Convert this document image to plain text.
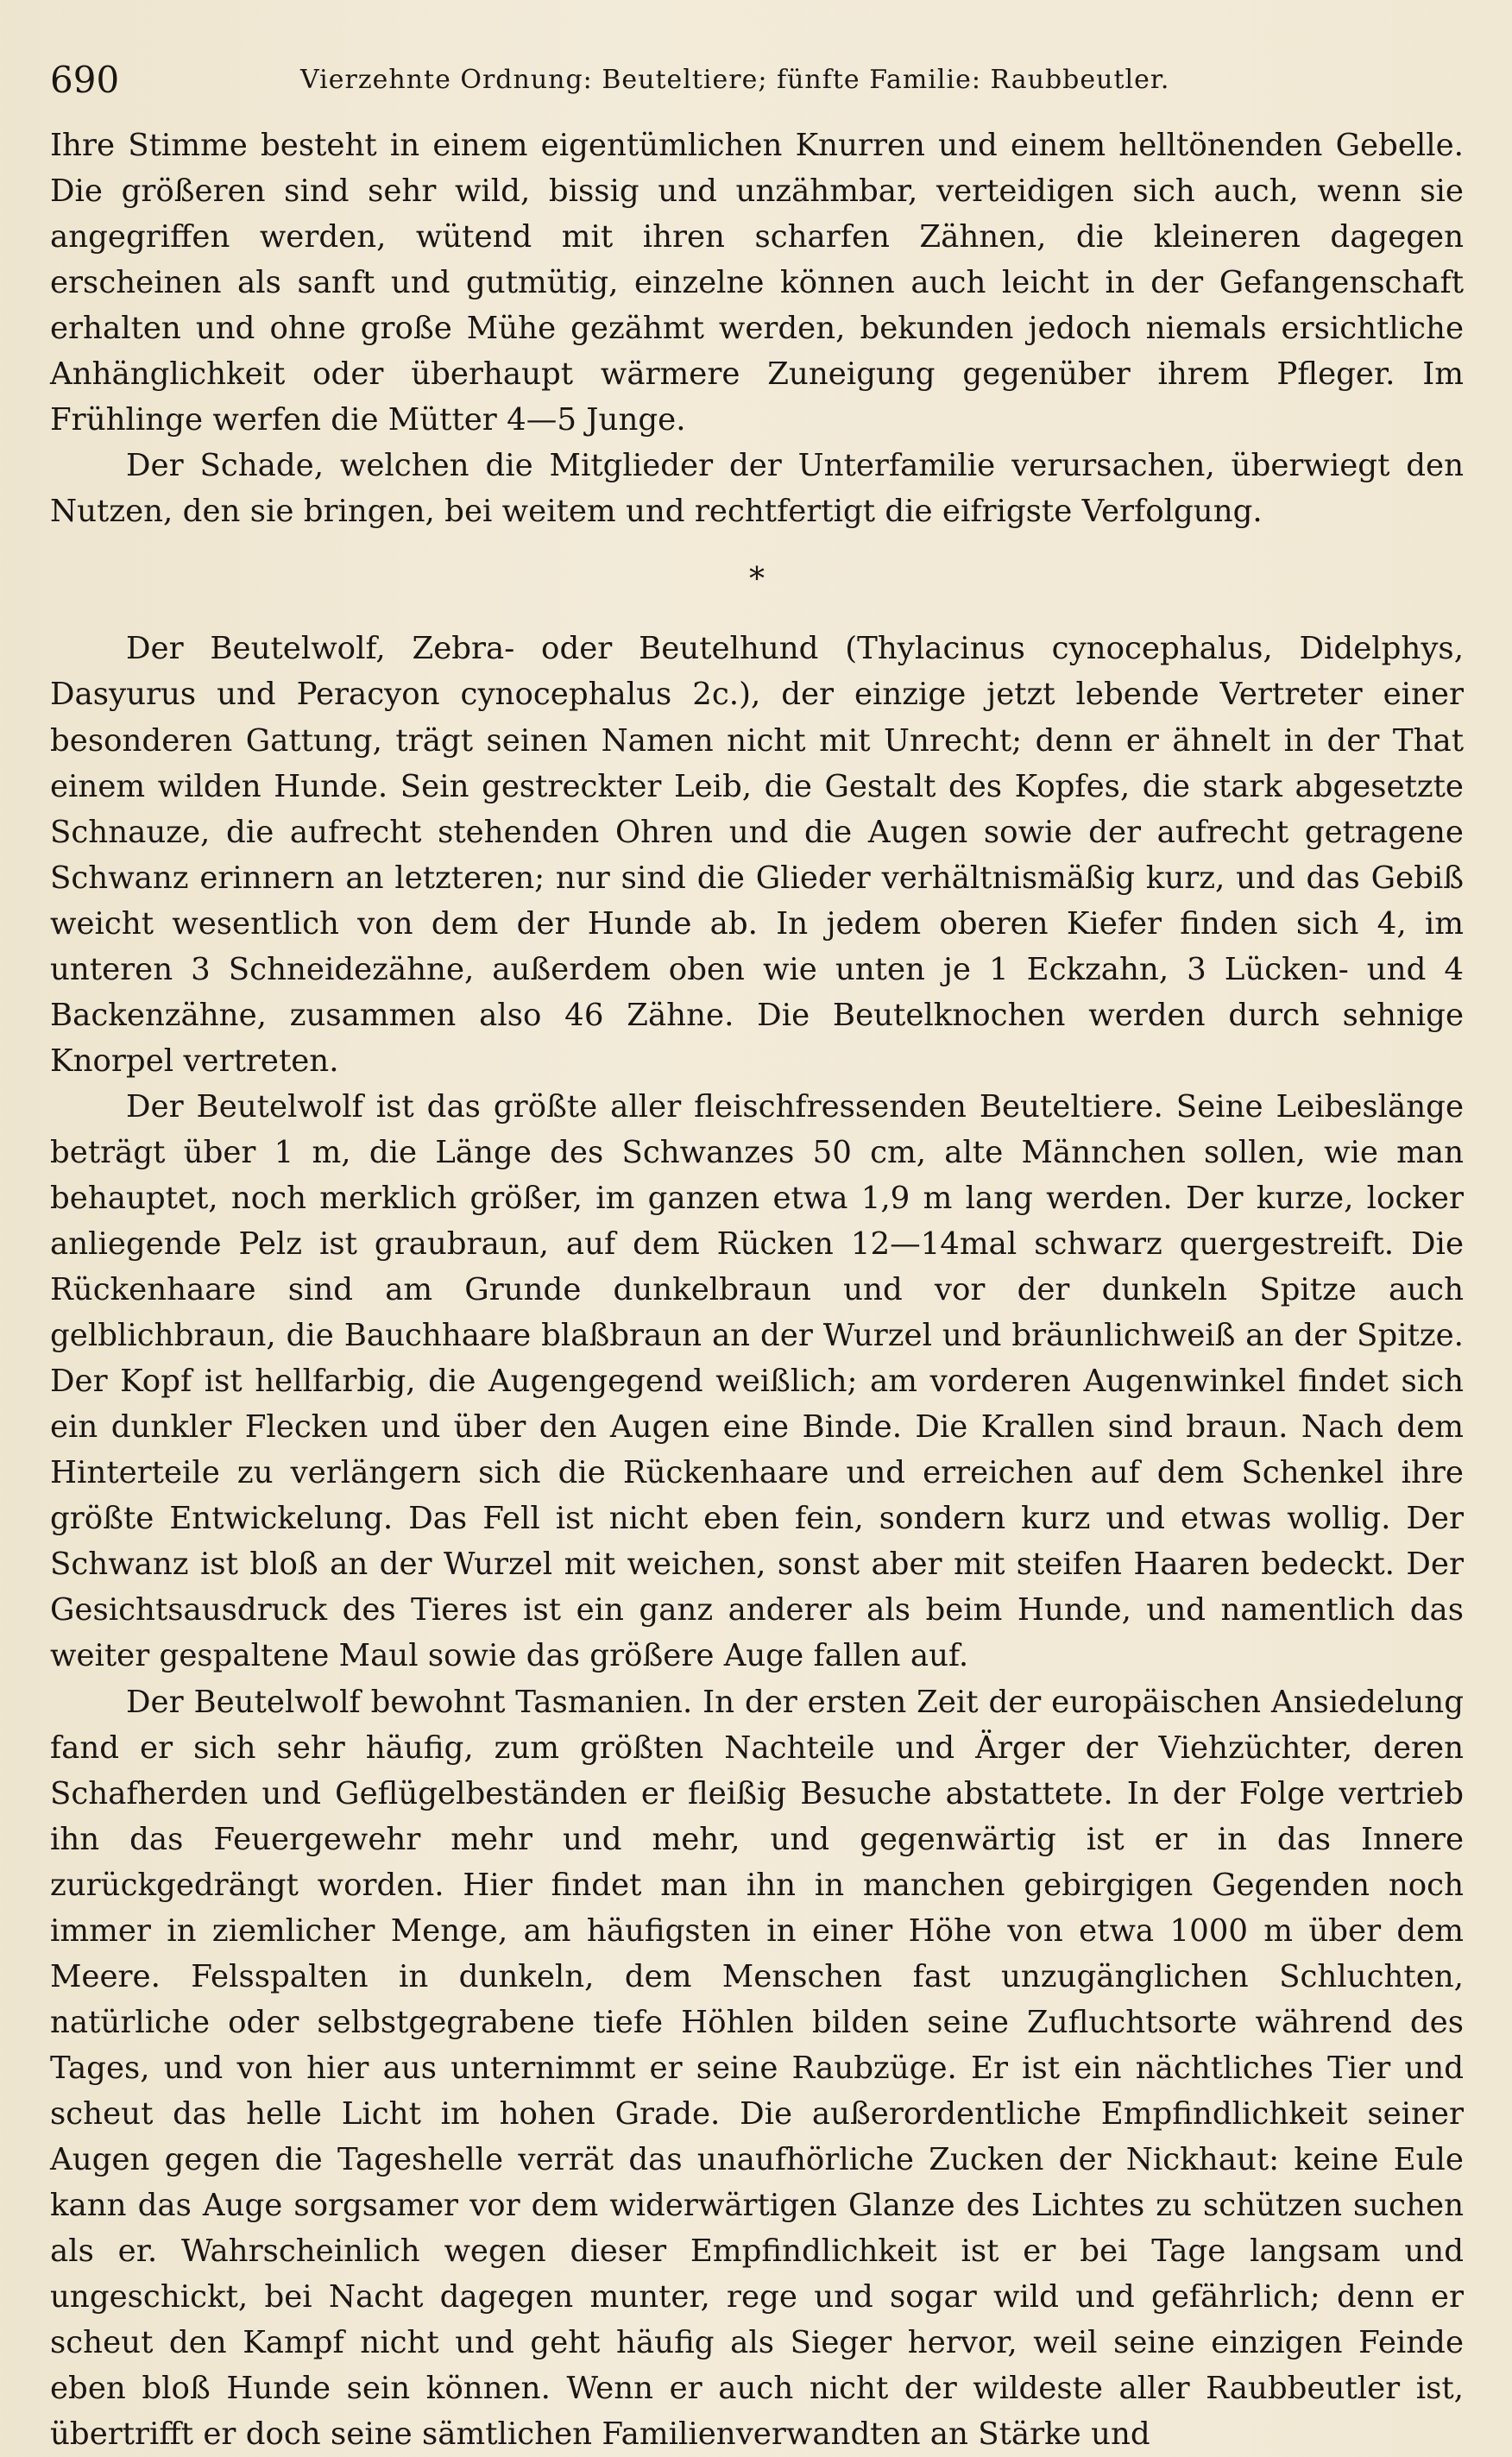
690	Vierzehnte Ordnung: Beuteltiere; fünfte Familie: Raubbeutler.

Ihre Stimme besteht in einem eigentümlichen Knurren und einem helltönenden Gebelle. Die größeren sind sehr wild, bissig und unzähmbar, verteidigen sich auch, wenn sie angegriffen werden, wütend mit ihren scharfen Zähnen, die kleineren dagegen erscheinen als sanft und gutmütig, einzelne können auch leicht in der Gefangenschaft erhalten und ohne große Mühe gezähmt werden, bekunden jedoch niemals ersichtliche Anhänglichkeit oder überhaupt wärmere Zuneigung gegenüber ihrem Pfleger. Im Frühlinge werfen die Mütter 4—5 Junge.

Der Schade, welchen die Mitglieder der Unterfamilie verursachen, überwiegt den Nutzen, den sie bringen, bei weitem und rechtfertigt die eifrigste Verfolgung.

*

Der Beutelwolf, Zebra- oder Beutelhund (Thylacinus cynocephalus, Didelphys, Dasyurus und Peracyon cynocephalus 2c.), der einzige jetzt lebende Vertreter einer besonderen Gattung, trägt seinen Namen nicht mit Unrecht; denn er ähnelt in der That einem wilden Hunde. Sein gestreckter Leib, die Gestalt des Kopfes, die stark abgesetzte Schnauze, die aufrecht stehenden Ohren und die Augen sowie der aufrecht getragene Schwanz erinnern an letzteren; nur sind die Glieder verhältnismäßig kurz, und das Gebiß weicht wesentlich von dem der Hunde ab. In jedem oberen Kiefer finden sich 4, im unteren 3 Schneidezähne, außerdem oben wie unten je 1 Eckzahn, 3 Lücken- und 4 Backenzähne, zusammen also 46 Zähne. Die Beutelknochen werden durch sehnige Knorpel vertreten.

Der Beutelwolf ist das größte aller fleischfressenden Beuteltiere. Seine Leibeslänge beträgt über 1 m, die Länge des Schwanzes 50 cm, alte Männchen sollen, wie man behauptet, noch merklich größer, im ganzen etwa 1,9 m lang werden. Der kurze, locker anliegende Pelz ist graubraun, auf dem Rücken 12—14mal schwarz quergestreift. Die Rückenhaare sind am Grunde dunkelbraun und vor der dunkeln Spitze auch gelblichbraun, die Bauchhaare blaßbraun an der Wurzel und bräunlichweiß an der Spitze. Der Kopf ist hellfarbig, die Augengegend weißlich; am vorderen Augenwinkel findet sich ein dunkler Flecken und über den Augen eine Binde. Die Krallen sind braun. Nach dem Hinterteile zu verlängern sich die Rückenhaare und erreichen auf dem Schenkel ihre größte Entwickelung. Das Fell ist nicht eben fein, sondern kurz und etwas wollig. Der Schwanz ist bloß an der Wurzel mit weichen, sonst aber mit steifen Haaren bedeckt. Der Gesichtsausdruck des Tieres ist ein ganz anderer als beim Hunde, und namentlich das weiter gespaltene Maul sowie das größere Auge fallen auf.

Der Beutelwolf bewohnt Tasmanien. In der ersten Zeit der europäischen Ansiedelung fand er sich sehr häufig, zum größten Nachteile und Ärger der Viehzüchter, deren Schafherden und Geflügelbeständen er fleißig Besuche abstattete. In der Folge vertrieb ihn das Feuergewehr mehr und mehr, und gegenwärtig ist er in das Innere zurückgedrängt worden. Hier findet man ihn in manchen gebirgigen Gegenden noch immer in ziemlicher Menge, am häufigsten in einer Höhe von etwa 1000 m über dem Meere. Felsspalten in dunkeln, dem Menschen fast unzugänglichen Schluchten, natürliche oder selbstgegrabene tiefe Höhlen bilden seine Zufluchtsorte während des Tages, und von hier aus unternimmt er seine Raubzüge. Er ist ein nächtliches Tier und scheut das helle Licht im hohen Grade. Die außerordentliche Empfindlichkeit seiner Augen gegen die Tageshelle verrät das unaufhörliche Zucken der Nickhaut: keine Eule kann das Auge sorgsamer vor dem widerwärtigen Glanze des Lichtes zu schützen suchen als er. Wahrscheinlich wegen dieser Empfindlichkeit ist er bei Tage langsam und ungeschickt, bei Nacht dagegen munter, rege und sogar wild und gefährlich; denn er scheut den Kampf nicht und geht häufig als Sieger hervor, weil seine einzigen Feinde eben bloß Hunde sein können. Wenn er auch nicht der wildeste aller Raubbeutler ist, übertrifft er doch seine sämtlichen Familienverwandten an Stärke und
